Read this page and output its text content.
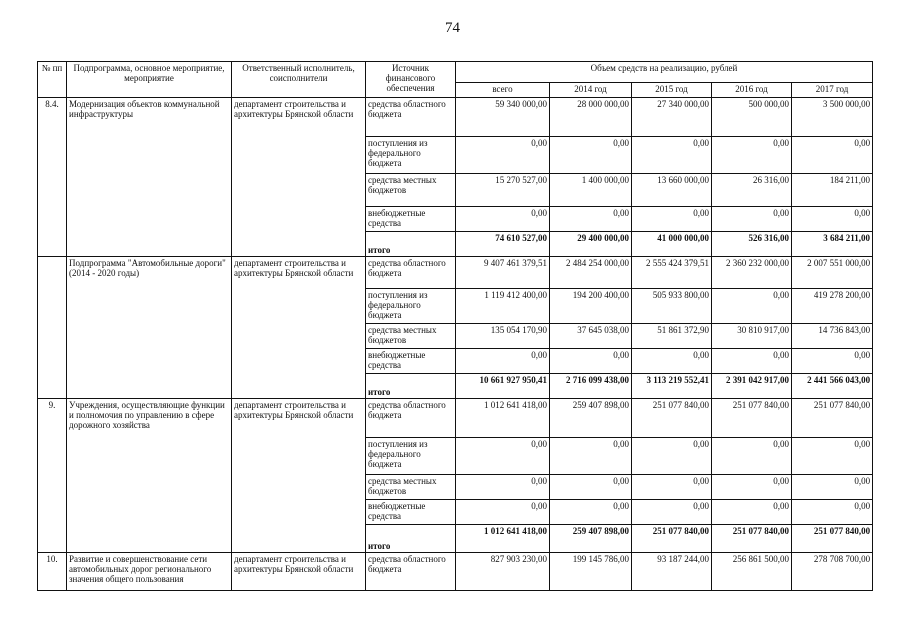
74
№ пп	Подпрограмма, основное мероприятие, мероприятие	Ответственный исполнитель, соисполнители	Источник финансового обеспечения	Объем средств на реализацию, рублей				
				всего	2014 год	2015 год	2016 год	2017 год
8.4.	Модернизация объектов коммунальной инфраструктуры	департамент строительства и архитектуры Брянской области	средства областного бюджета	59 340 000,00	28 000 000,00	27 340 000,00	500 000,00	3 500 000,00
			поступления из федерального бюджета	0,00	0,00	0,00	0,00	0,00
			средства местных бюджетов	15 270 527,00	1 400 000,00	13 660 000,00	26 316,00	184 211,00
			внебюджетные средства	0,00	0,00	0,00	0,00	0,00
			итого	74 610 527,00	29 400 000,00	41 000 000,00	526 316,00	3 684 211,00
	Подпрограмма "Автомобильные дороги" (2014 - 2020 годы)	департамент строительства и архитектуры Брянской области	средства областного бюджета	9 407 461 379,51	2 484 254 000,00	2 555 424 379,51	2 360 232 000,00	2 007 551 000,00
			поступления из федерального бюджета	1 119 412 400,00	194 200 400,00	505 933 800,00	0,00	419 278 200,00
			средства местных бюджетов	135 054 170,90	37 645 038,00	51 861 372,90	30 810 917,00	14 736 843,00
			внебюджетные средства	0,00	0,00	0,00	0,00	0,00
			итого	10 661 927 950,41	2 716 099 438,00	3 113 219 552,41	2 391 042 917,00	2 441 566 043,00
9.	Учреждения, осуществляющие функции и полномочия по управлению в сфере дорожного хозяйства	департамент строительства и архитектуры Брянской области	средства областного бюджета	1 012 641 418,00	259 407 898,00	251 077 840,00	251 077 840,00	251 077 840,00
			поступления из федерального бюджета	0,00	0,00	0,00	0,00	0,00
			средства местных бюджетов	0,00	0,00	0,00	0,00	0,00
			внебюджетные средства	0,00	0,00	0,00	0,00	0,00
			итого	1 012 641 418,00	259 407 898,00	251 077 840,00	251 077 840,00	251 077 840,00
10.	Развитие и совершенствование сети автомобильных дорог регионального значения общего пользования	департамент строительства и архитектуры Брянской области	средства областного бюджета	827 903 230,00	199 145 786,00	93 187 244,00	256 861 500,00	278 708 700,00
